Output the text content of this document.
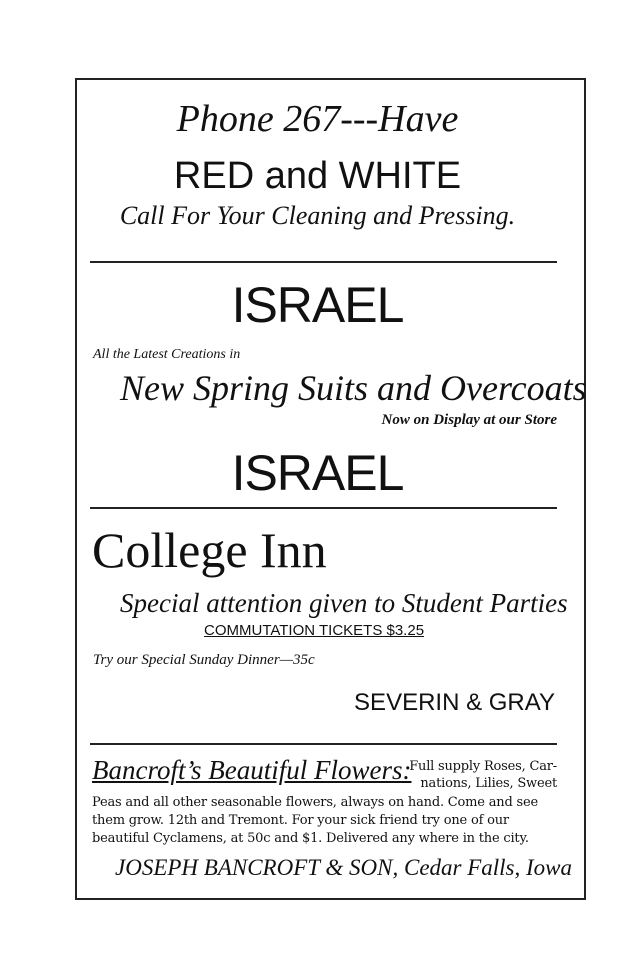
Phone 267---Have
RED and WHITE
Call For Your Cleaning and Pressing.
ISRAEL
All the Latest Creations in
New Spring Suits and Overcoats
Now on Display at our Store
ISRAEL
College Inn
Special attention given to Student Parties
COMMUTATION TICKETS $3.25
Try our Special Sunday Dinner—35c
SEVERIN & GRAY
Bancroft’s Beautiful Flowers:
Full supply Roses, Car-
nations, Lilies, Sweet
Peas and all other seasonable flowers, always on hand. Come and see
them grow. 12th and Tremont. For your sick friend try one of our
beautiful Cyclamens, at 50c and $1. Delivered any where in the city.
JOSEPH BANCROFT & SON, Cedar Falls, Iowa
